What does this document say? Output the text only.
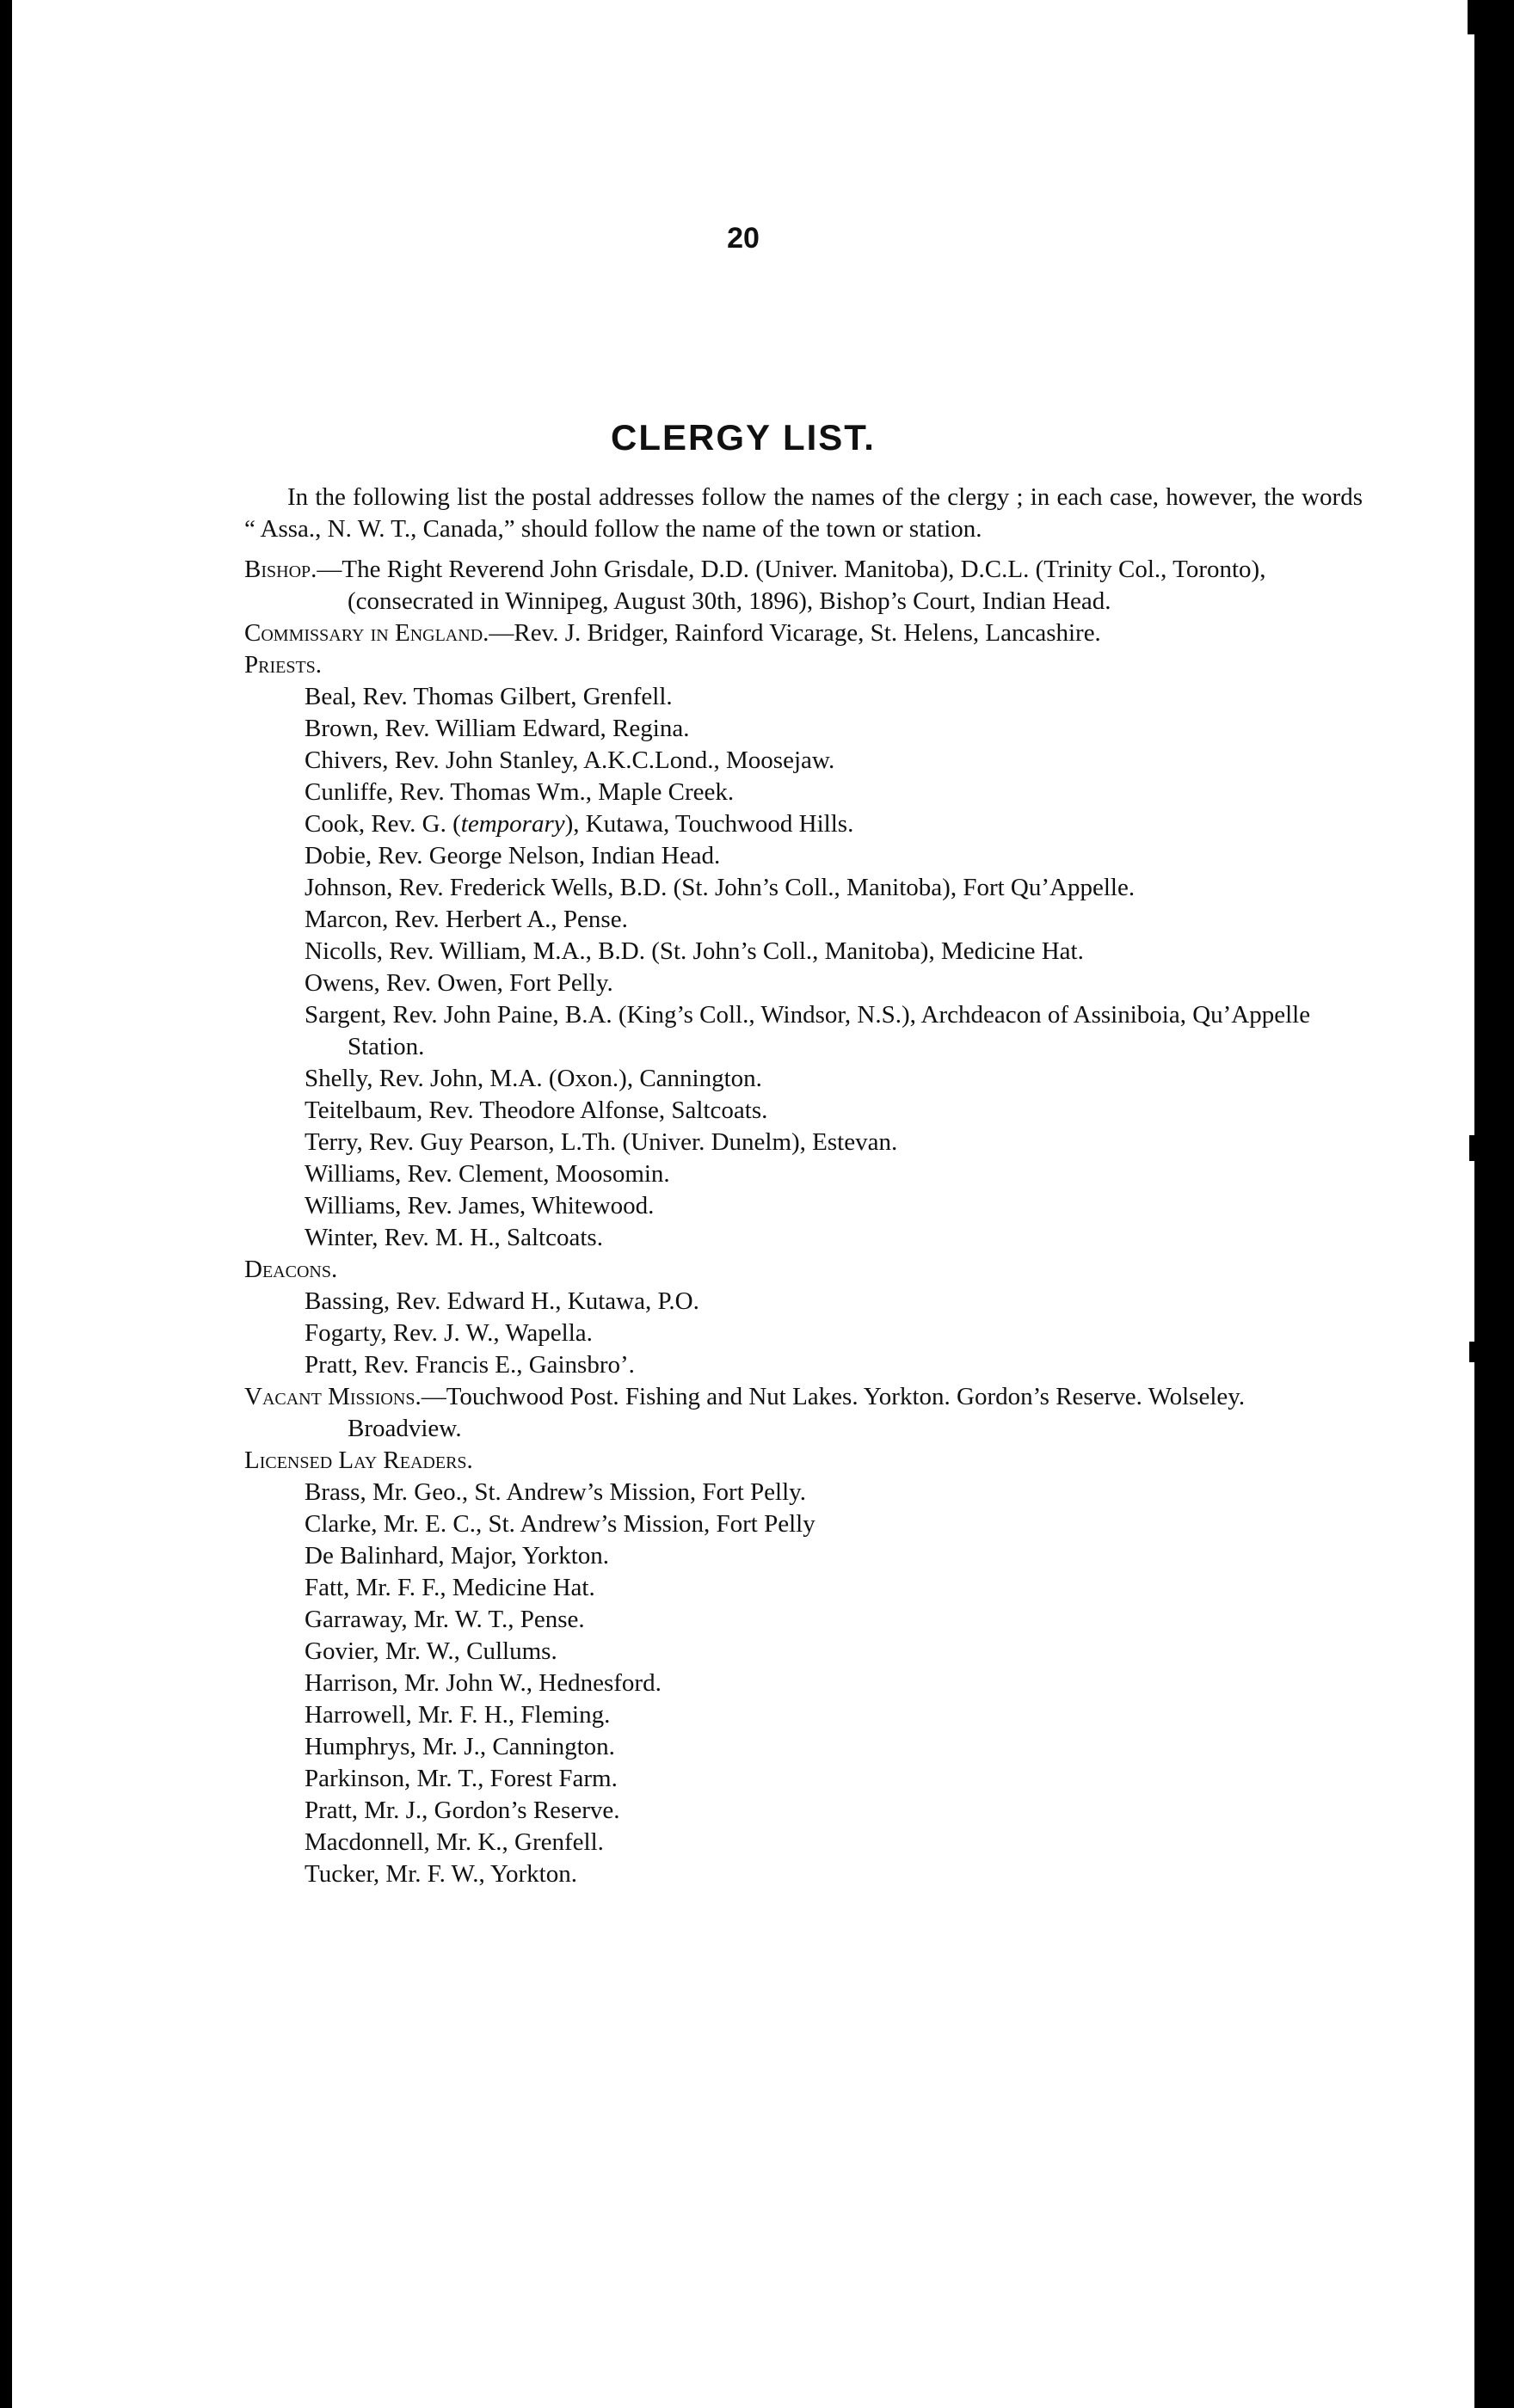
20
CLERGY LIST.

In the following list the postal addresses follow the names of the clergy ; in each case, however, the words “ Assa., N. W. T., Canada,” should follow the name of the town or station.

Bishop.—The Right Reverend John Grisdale, D.D. (Univer. Manitoba), D.C.L. (Trinity Col., Toronto), (consecrated in Winnipeg, August 30th, 1896), Bishop’s Court, Indian Head.

Commissary in England.—Rev. J. Bridger, Rainford Vicarage, St. Helens, Lancashire.

Priests.

Beal, Rev. Thomas Gilbert, Grenfell.

Brown, Rev. William Edward, Regina.

Chivers, Rev. John Stanley, A.K.C.Lond., Moosejaw.

Cunliffe, Rev. Thomas Wm., Maple Creek.

Cook, Rev. G. (temporary), Kutawa, Touchwood Hills.

Dobie, Rev. George Nelson, Indian Head.

Johnson, Rev. Frederick Wells, B.D. (St. John’s Coll., Manitoba), Fort Qu’Appelle.

Marcon, Rev. Herbert A., Pense.

Nicolls, Rev. William, M.A., B.D. (St. John’s Coll., Manitoba), Medicine Hat.

Owens, Rev. Owen, Fort Pelly.

Sargent, Rev. John Paine, B.A. (King’s Coll., Windsor, N.S.), Archdeacon of Assiniboia, Qu’Appelle Station.

Shelly, Rev. John, M.A. (Oxon.), Cannington.

Teitelbaum, Rev. Theodore Alfonse, Saltcoats.

Terry, Rev. Guy Pearson, L.Th. (Univer. Dunelm), Estevan.

Williams, Rev. Clement, Moosomin.

Williams, Rev. James, Whitewood.

Winter, Rev. M. H., Saltcoats.

Deacons.

Bassing, Rev. Edward H., Kutawa, P.O.

Fogarty, Rev. J. W., Wapella.

Pratt, Rev. Francis E., Gainsbro’.

Vacant Missions.—Touchwood Post. Fishing and Nut Lakes. Yorkton. Gordon’s Reserve. Wolseley. Broadview.

Licensed Lay Readers.

Brass, Mr. Geo., St. Andrew’s Mission, Fort Pelly.

Clarke, Mr. E. C., St. Andrew’s Mission, Fort Pelly

De Balinhard, Major, Yorkton.

Fatt, Mr. F. F., Medicine Hat.

Garraway, Mr. W. T., Pense.

Govier, Mr. W., Cullums.

Harrison, Mr. John W., Hednesford.

Harrowell, Mr. F. H., Fleming.

Humphrys, Mr. J., Cannington.

Parkinson, Mr. T., Forest Farm.

Pratt, Mr. J., Gordon’s Reserve.

Macdonnell, Mr. K., Grenfell.

Tucker, Mr. F. W., Yorkton.
